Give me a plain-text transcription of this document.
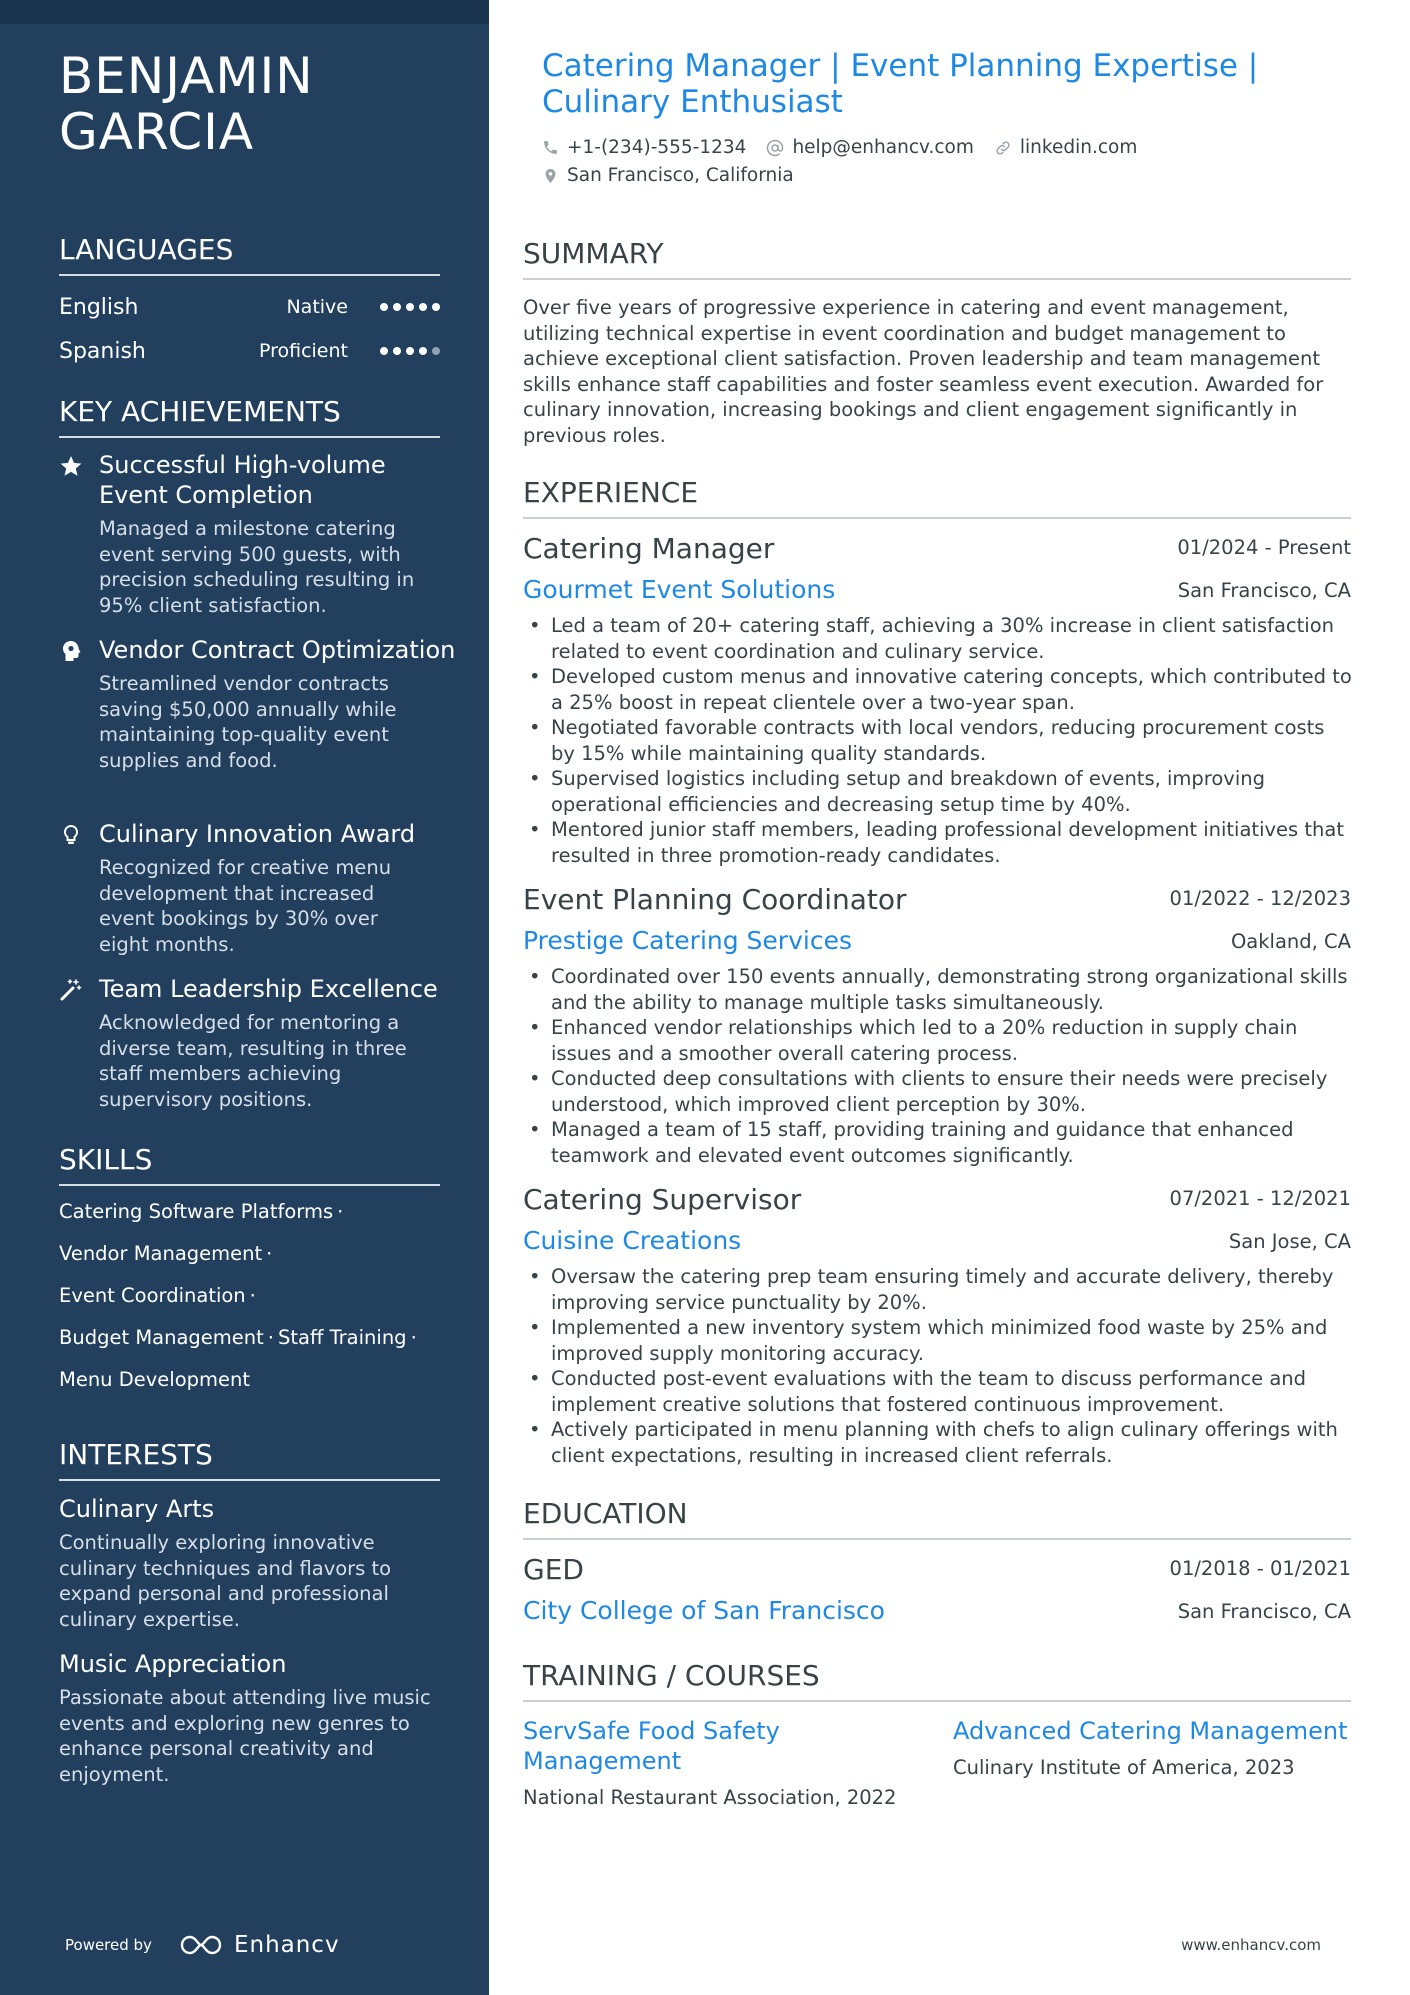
BENJAMIN GARCIA
LANGUAGES
English	Native
Spanish	Proficient
KEY ACHIEVEMENTS
Successful High-volume Event Completion
Managed a milestone catering event serving 500 guests, with precision scheduling resulting in 95% client satisfaction.
Vendor Contract Optimization
Streamlined vendor contracts saving $50,000 annually while maintaining top-quality event supplies and food.
Culinary Innovation Award
Recognized for creative menu development that increased event bookings by 30% over eight months.
Team Leadership Excellence
Acknowledged for mentoring a diverse team, resulting in three staff members achieving supervisory positions.
SKILLS
Catering Software Platforms ·
Vendor Management ·
Event Coordination ·
Budget Management · Staff Training ·
Menu Development
INTERESTS
Culinary Arts
Continually exploring innovative culinary techniques and flavors to expand personal and professional culinary expertise.
Music Appreciation
Passionate about attending live music events and exploring new genres to enhance personal creativity and enjoyment.
Powered by	Enhancv
Catering Manager | Event Planning Expertise | Culinary Enthusiast
+1-(234)-555-1234 help@enhancv.com linkedin.com
San Francisco, California
SUMMARY
Over five years of progressive experience in catering and event management, utilizing technical expertise in event coordination and budget management to achieve exceptional client satisfaction. Proven leadership and team management skills enhance staff capabilities and foster seamless event execution. Awarded for culinary innovation, increasing bookings and client engagement significantly in previous roles.
EXPERIENCE
Catering Manager	01/2024 - Present
Gourmet Event Solutions	San Francisco, CA
• Led a team of 20+ catering staff, achieving a 30% increase in client satisfaction related to event coordination and culinary service.
• Developed custom menus and innovative catering concepts, which contributed to a 25% boost in repeat clientele over a two-year span.
• Negotiated favorable contracts with local vendors, reducing procurement costs by 15% while maintaining quality standards.
• Supervised logistics including setup and breakdown of events, improving operational efficiencies and decreasing setup time by 40%.
• Mentored junior staff members, leading professional development initiatives that resulted in three promotion-ready candidates.
Event Planning Coordinator	01/2022 - 12/2023
Prestige Catering Services	Oakland, CA
• Coordinated over 150 events annually, demonstrating strong organizational skills and the ability to manage multiple tasks simultaneously.
• Enhanced vendor relationships which led to a 20% reduction in supply chain issues and a smoother overall catering process.
• Conducted deep consultations with clients to ensure their needs were precisely understood, which improved client perception by 30%.
• Managed a team of 15 staff, providing training and guidance that enhanced teamwork and elevated event outcomes significantly.
Catering Supervisor	07/2021 - 12/2021
Cuisine Creations	San Jose, CA
• Oversaw the catering prep team ensuring timely and accurate delivery, thereby improving service punctuality by 20%.
• Implemented a new inventory system which minimized food waste by 25% and improved supply monitoring accuracy.
• Conducted post-event evaluations with the team to discuss performance and implement creative solutions that fostered continuous improvement.
• Actively participated in menu planning with chefs to align culinary offerings with client expectations, resulting in increased client referrals.
EDUCATION
GED	01/2018 - 01/2021
City College of San Francisco	San Francisco, CA
TRAINING / COURSES
ServSafe Food Safety Management
National Restaurant Association, 2022
Advanced Catering Management
Culinary Institute of America, 2023
www.enhancv.com
